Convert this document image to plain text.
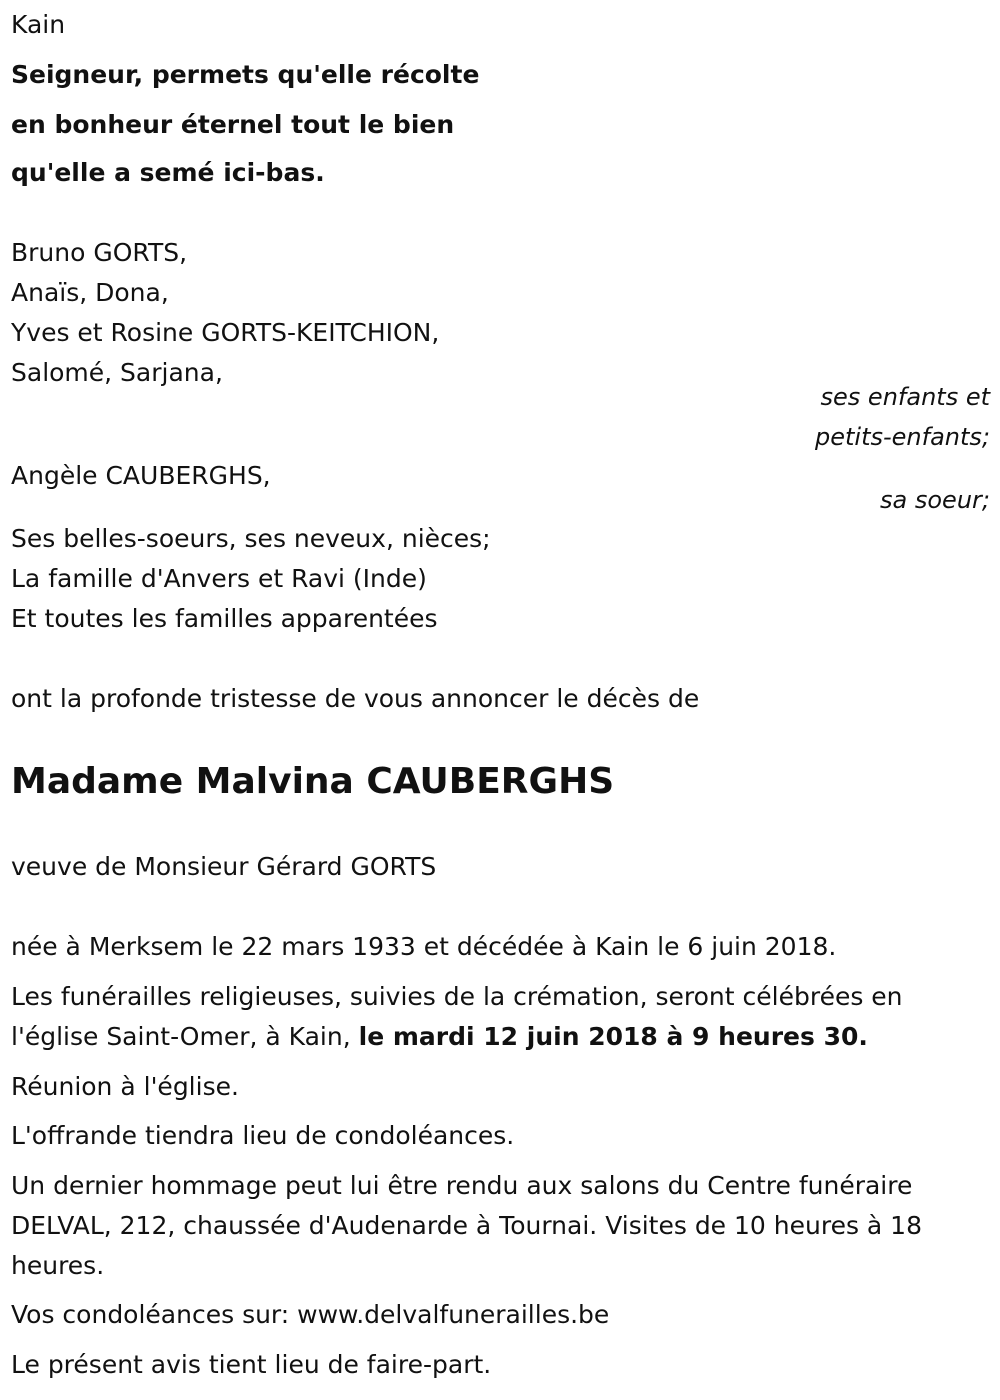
Kain
Seigneur, permets qu'elle récolte
en bonheur éternel tout le bien
qu'elle a semé ici-bas.
Bruno GORTS,
Anaïs, Dona,
Yves et Rosine GORTS-KEITCHION,
Salomé, Sarjana,
ses enfants et
petits-enfants;
Angèle CAUBERGHS,
sa soeur;
Ses belles-soeurs, ses neveux, nièces;
La famille d'Anvers et Ravi (Inde)
Et toutes les familles apparentées
ont la profonde tristesse de vous annoncer le décès de
Madame Malvina CAUBERGHS
veuve de Monsieur Gérard GORTS
née à Merksem le 22 mars 1933 et décédée à Kain le 6 juin 2018.
Les funérailles religieuses, suivies de la crémation, seront célébrées en
l'église Saint-Omer, à Kain, le mardi 12 juin 2018 à 9 heures 30.
Réunion à l'église.
L'offrande tiendra lieu de condoléances.
Un dernier hommage peut lui être rendu aux salons du Centre funéraire
DELVAL, 212, chaussée d'Audenarde à Tournai. Visites de 10 heures à 18
heures.
Vos condoléances sur: www.delvalfunerailles.be
Le présent avis tient lieu de faire-part.
